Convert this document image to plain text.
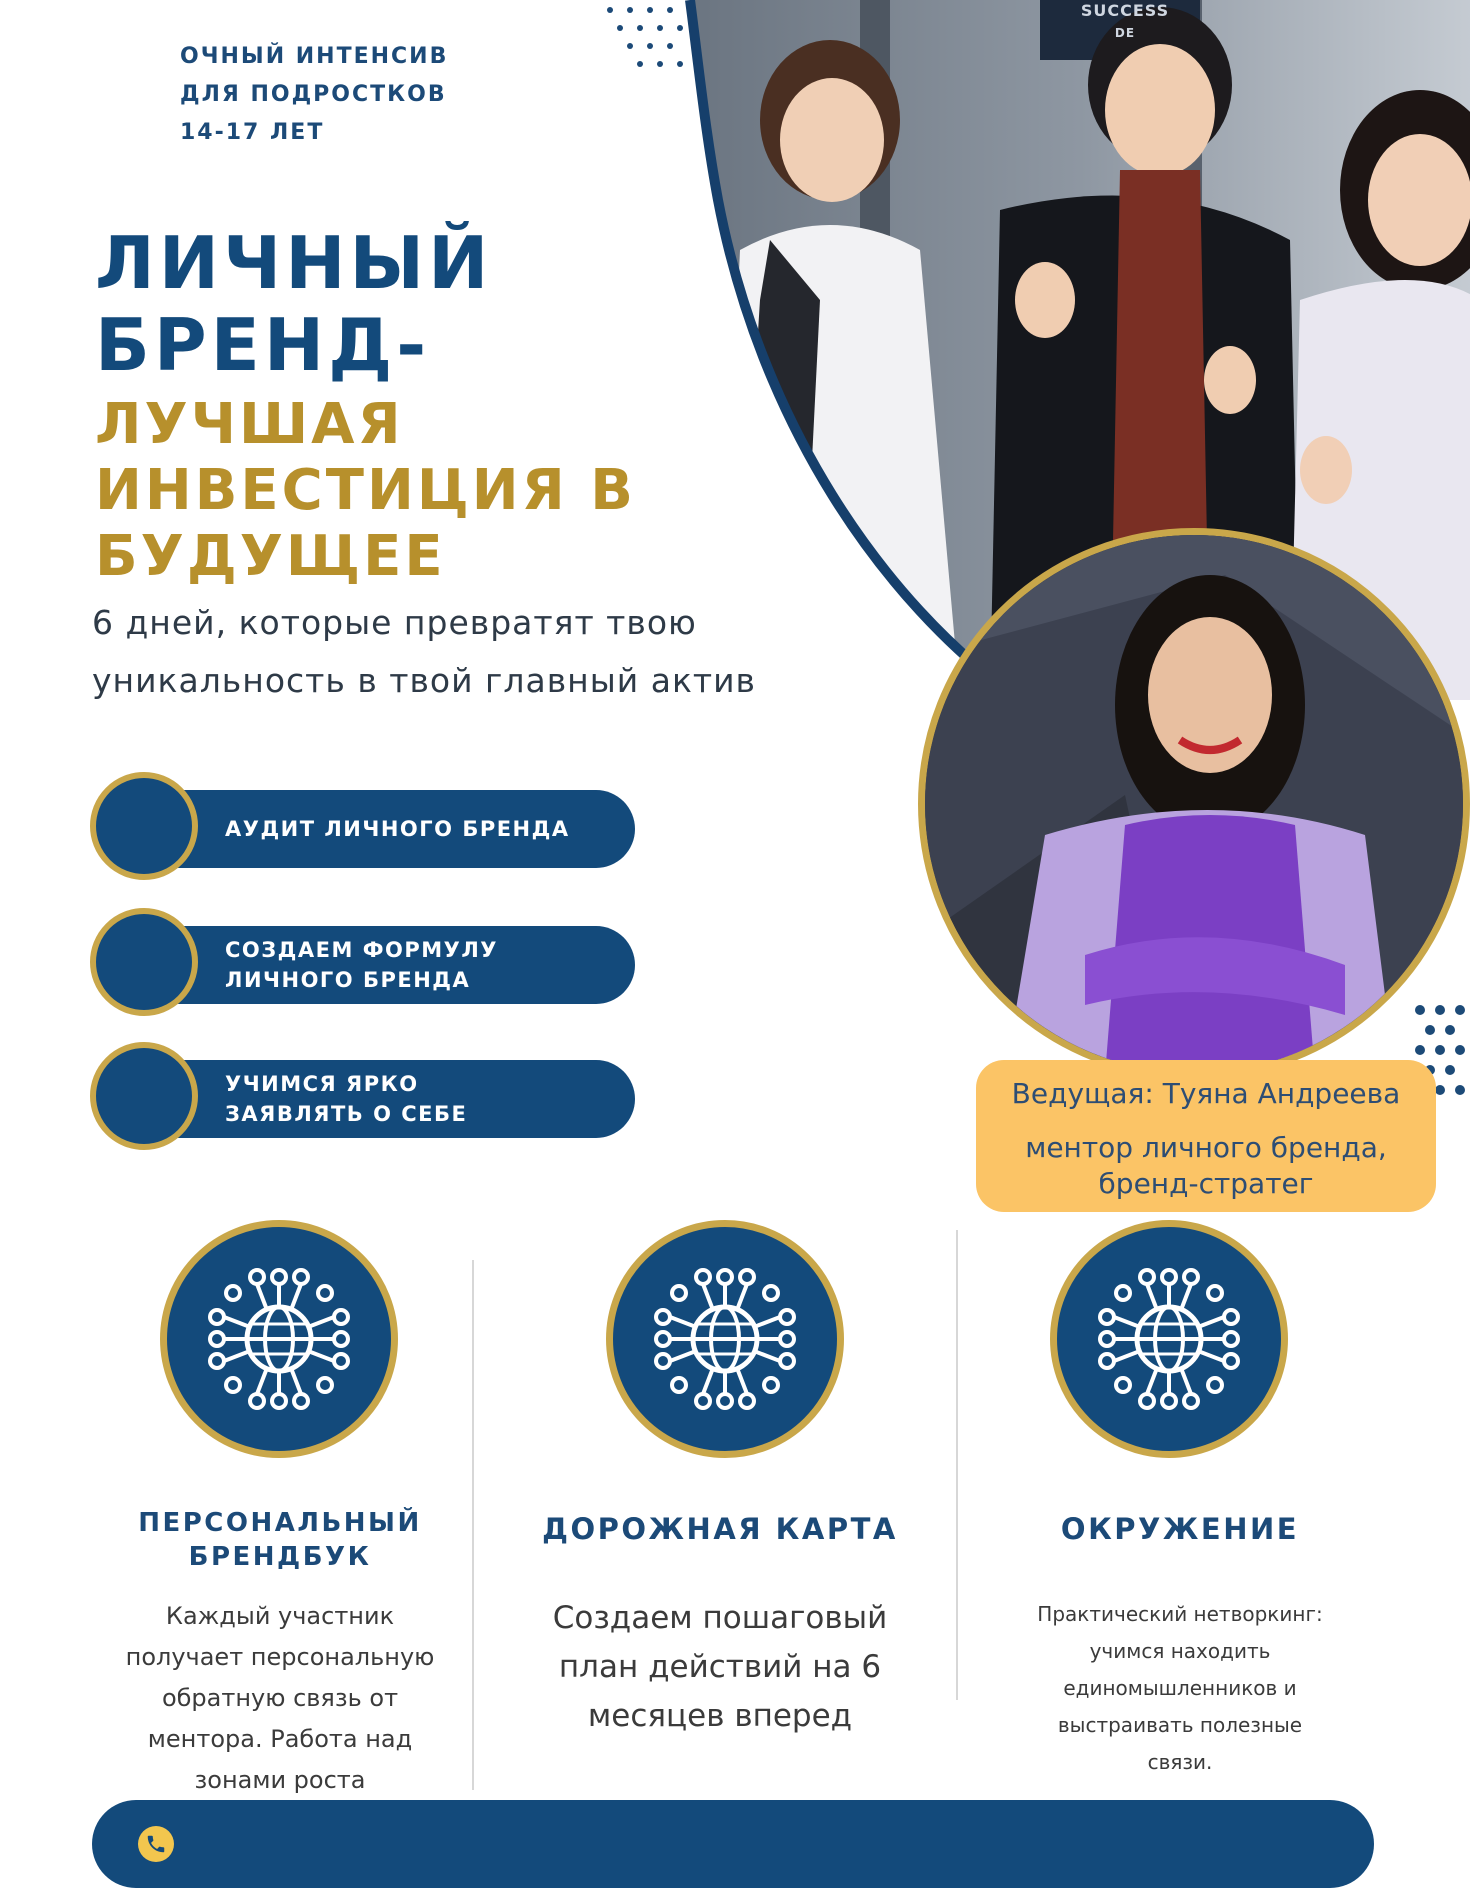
SUCCESS
DE
ОЧНЫЙ ИНТЕНСИВ
ДЛЯ ПОДРОСТКОВ
14-17 ЛЕТ
ЛИЧНЫЙ
БРЕНД-
ЛУЧШАЯ
ИНВЕСТИЦИЯ В
БУДУЩЕЕ
6 дней, которые превратят твою
уникальность в твой главный актив
АУДИТ ЛИЧНОГО БРЕНДА
СОЗДАЕМ ФОРМУЛУ
ЛИЧНОГО БРЕНДА
УЧИМСЯ ЯРКО
ЗАЯВЛЯТЬ О СЕБЕ
Ведущая: Туяна Андреева
ментор личного бренда,
бренд-стратег
ПЕРСОНАЛЬНЫЙ
БРЕНДБУК
Каждый участник
получает персональную
обратную связь от
ментора. Работа над
зонами роста
ДОРОЖНАЯ КАРТА
Создаем пошаговый
план действий на 6
месяцев вперед
ОКРУЖЕНИЕ
Практический нетворкинг:
учимся находить
единомышленников и
выстраивать полезные
связи.
